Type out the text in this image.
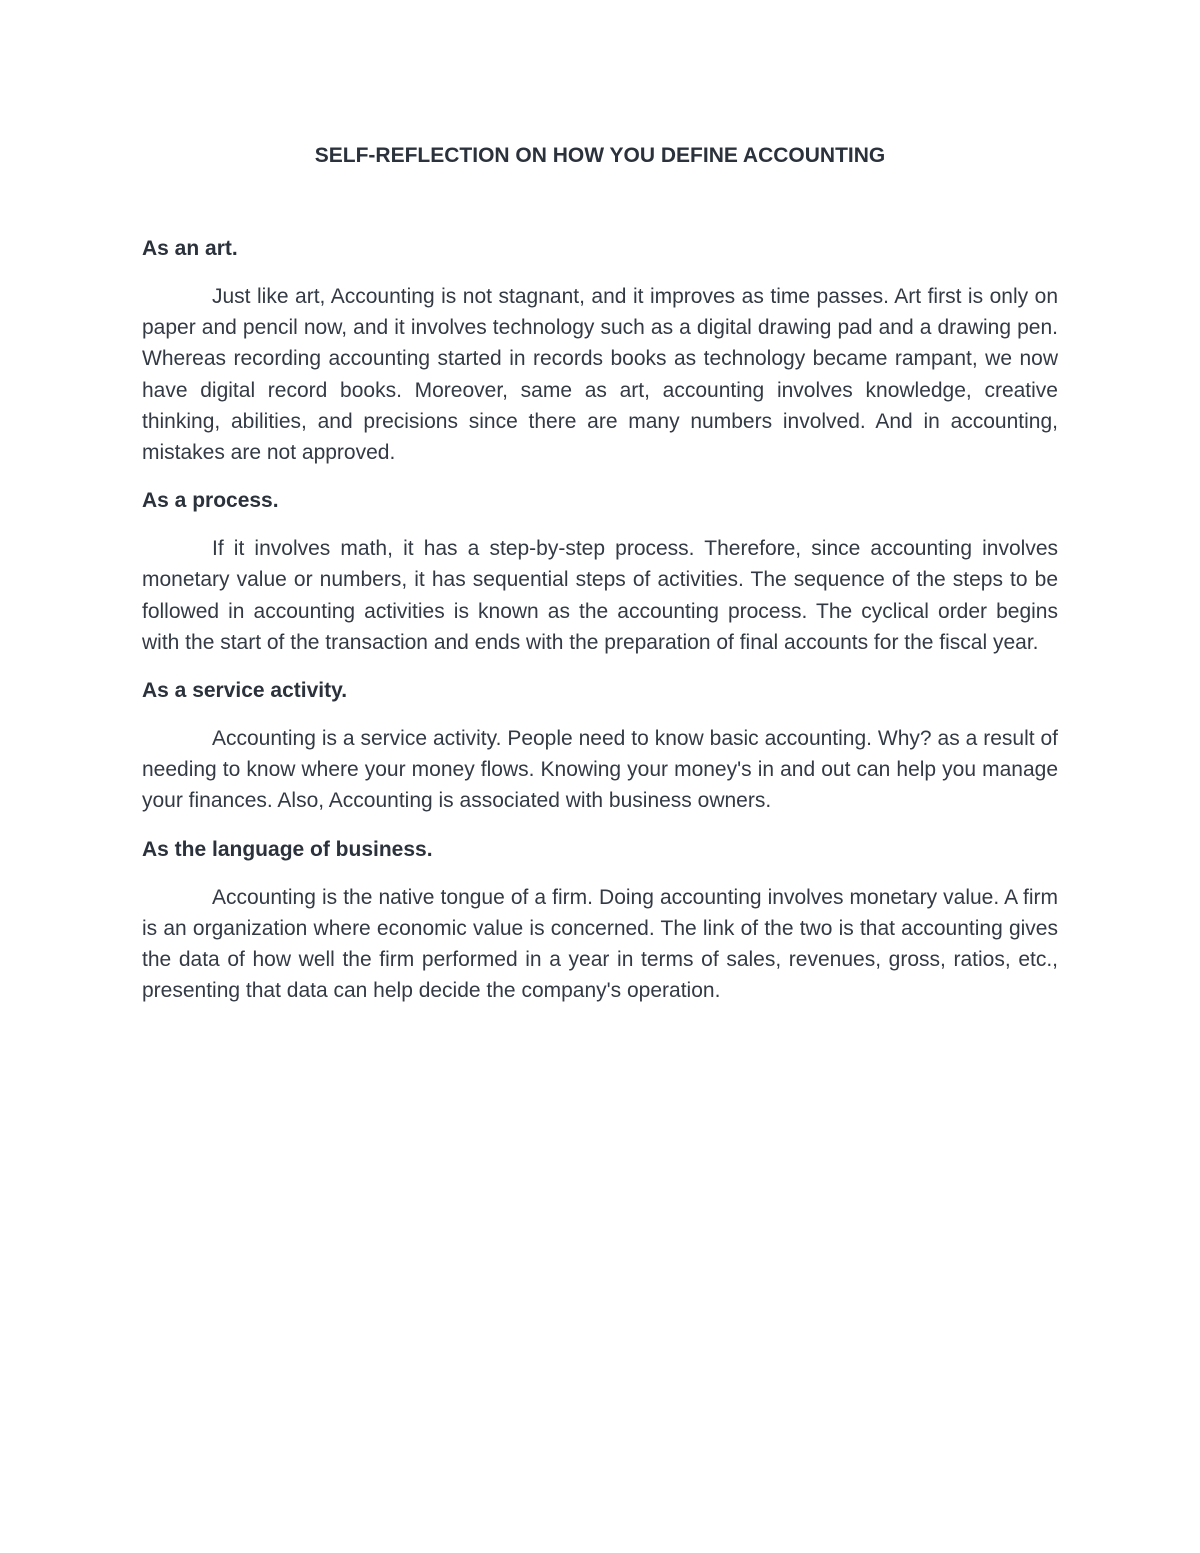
SELF-REFLECTION ON HOW YOU DEFINE ACCOUNTING
As an art.

Just like art, Accounting is not stagnant, and it improves as time passes. Art first is only on paper and pencil now, and it involves technology such as a digital drawing pad and a drawing pen. Whereas recording accounting started in records books as technology became rampant, we now have digital record books. Moreover, same as art, accounting involves knowledge, creative thinking, abilities, and precisions since there are many numbers involved. And in accounting, mistakes are not approved.

As a process.

If it involves math, it has a step-by-step process. Therefore, since accounting involves monetary value or numbers, it has sequential steps of activities. The sequence of the steps to be followed in accounting activities is known as the accounting process. The cyclical order begins with the start of the transaction and ends with the preparation of final accounts for the fiscal year.

As a service activity.

Accounting is a service activity. People need to know basic accounting. Why? as a result of needing to know where your money flows. Knowing your money's in and out can help you manage your finances. Also, Accounting is associated with business owners.

As the language of business.

Accounting is the native tongue of a firm. Doing accounting involves monetary value. A firm is an organization where economic value is concerned. The link of the two is that accounting gives the data of how well the firm performed in a year in terms of sales, revenues, gross, ratios, etc., presenting that data can help decide the company's operation.
